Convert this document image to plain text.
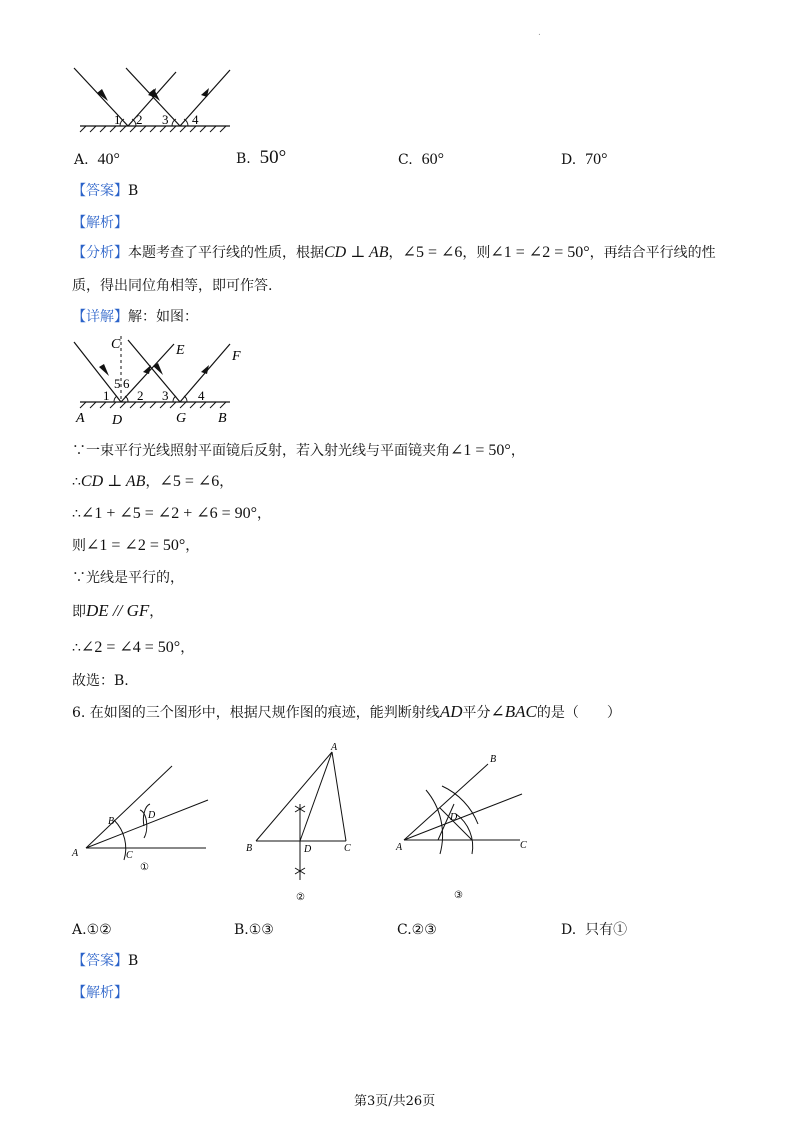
.
1 2 3 4
A. 40°	B. 50°	C. 60°	D. 70°
【答案】B
【解析】
【分析】本题考查了平行线的性质，根据CD ⊥ AB，∠5 = ∠6，则∠1 = ∠2 = 50°，再结合平行线的性
质，得出同位角相等，即可作答.
【详解】解：如图：
C	E	F
5 6
1 2 3 4
A D	G B
∵一束平行光线照射平面镜后反射，若入射光线与平面镜夹角∠1 = 50°，
∴CD ⊥ AB，∠5 = ∠6，
∴∠1 + ∠5 = ∠2 + ∠6 = 90°，
则∠1 = ∠2 = 50°，
∵光线是平行的，
即DE // GF，
∴∠2 = ∠4 = 50°，
故选：B.
6. 在如图的三个图形中，根据尺规作图的痕迹，能判断射线AD平分∠BAC的是（　　）
A
B
C
D
①
A
B	C
D
②
A
B
C
D
③
A.①②	B.①③	C.②③	D. 只有①
【答案】B
【解析】
第3页/共26页
